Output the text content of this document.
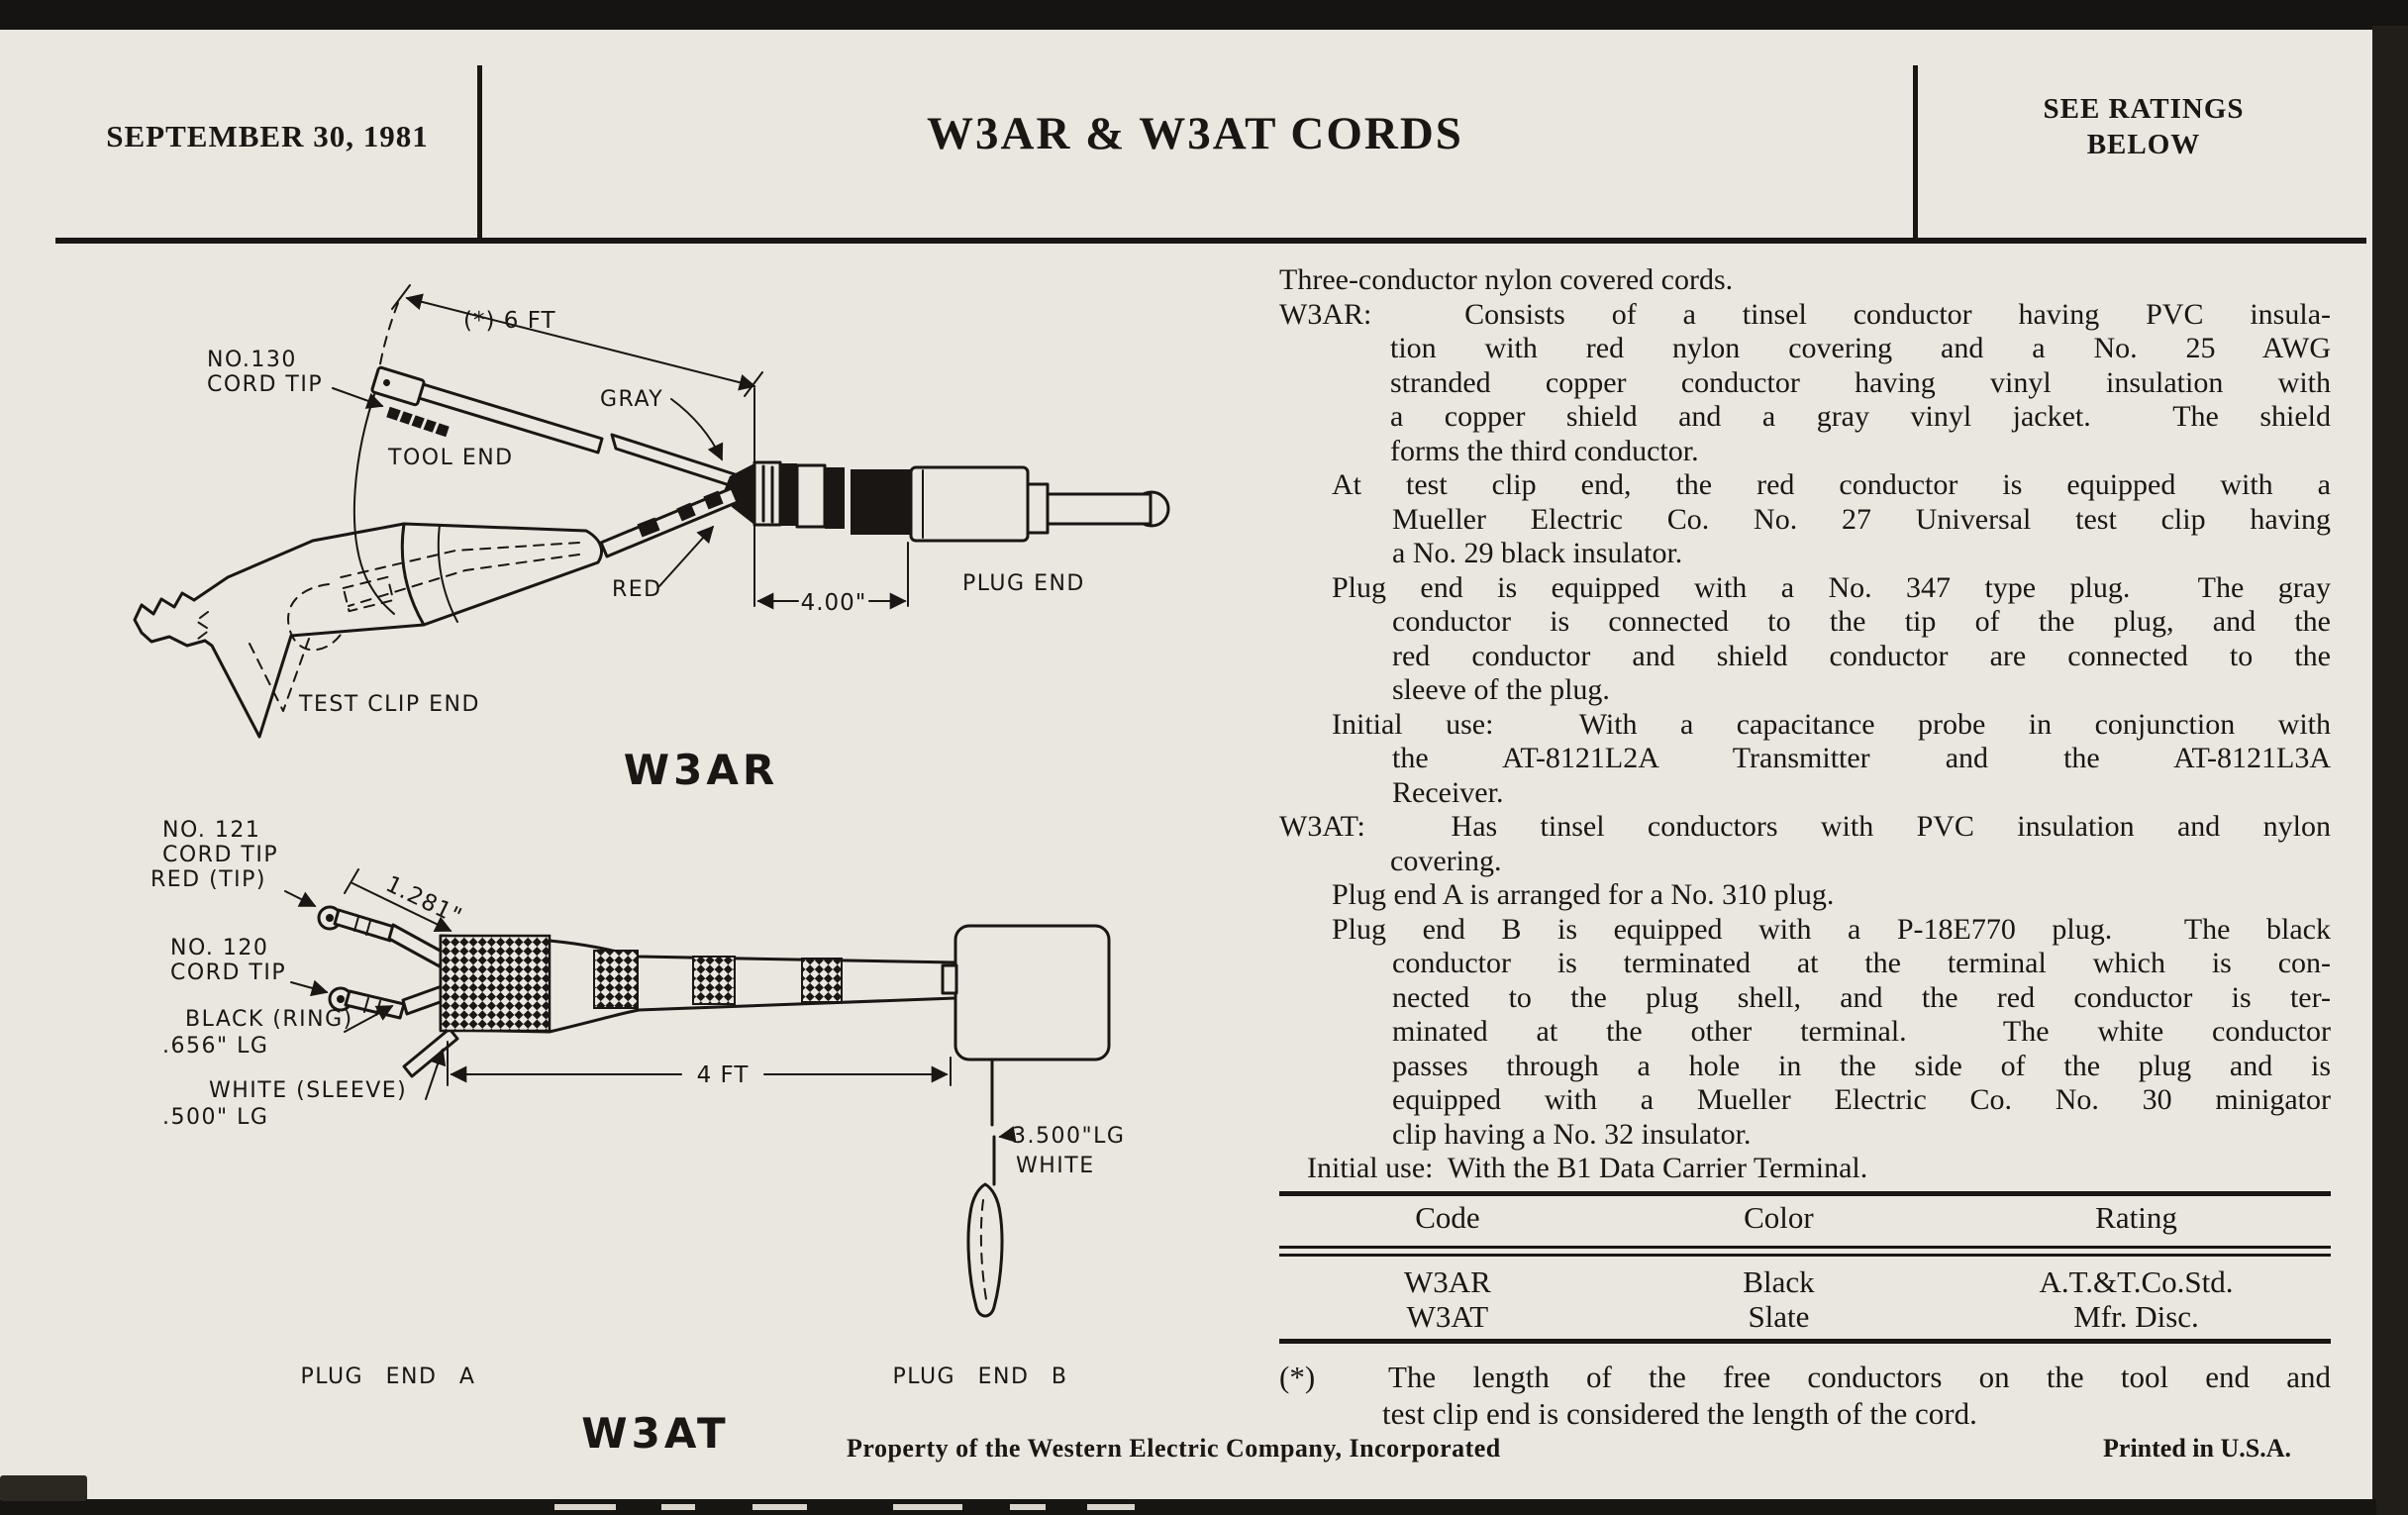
SEPTEMBER 30, 1981	W3AR & W3AT CORDS	SEE RATINGS
BELOW
Three-conductor nylon covered cords.
W3AR:  Consists of a tinsel conductor having PVC insula-
tion with red nylon covering and a No. 25 AWG
stranded copper conductor having vinyl insulation with
a copper shield and a gray vinyl jacket.  The shield
forms the third conductor.
At test clip end, the red conductor is equipped with a
Mueller Electric Co. No. 27 Universal test clip having
a No. 29 black insulator.
Plug end is equipped with a No. 347 type plug.  The gray
conductor is connected to the tip of the plug, and the
red conductor and shield conductor are connected to the
sleeve of the plug.
Initial use:  With a capacitance probe in conjunction with
the AT-8121L2A Transmitter and the AT-8121L3A
Receiver.
W3AT:  Has tinsel conductors with PVC insulation and nylon
covering.
Plug end A is arranged for a No. 310 plug.
Plug end B is equipped with a P-18E770 plug.  The black
conductor is terminated at the terminal which is con-
nected to the plug shell, and the red conductor is ter-
minated at the other terminal.  The white conductor
passes through a hole in the side of the plug and is
equipped with a Mueller Electric Co. No. 30 minigator
clip having a No. 32 insulator.
Initial use:  With the B1 Data Carrier Terminal.
Code	Color	Rating
W3AR	Black	A.T.&T.Co.Std.
W3AT	Slate	Mfr. Disc.
(*)  The length of the free conductors on the tool end and
test clip end is considered the length of the cord.
Property of the Western Electric Company, Incorporated	Printed in U.S.A.
(*) 6 FT
NO.130
CORD TIP
TOOL END
GRAY
PLUG END
RED
4.00"
TEST CLIP END
W3AR
NO. 121
CORD TIP
RED (TIP)	1.281"
NO. 120
CORD TIP
BLACK (RING)
.656" LG
WHITE (SLEEVE)
.500" LG
4 FT
3.500"LG
WHITE
PLUG END A	PLUG END B
W3AT
